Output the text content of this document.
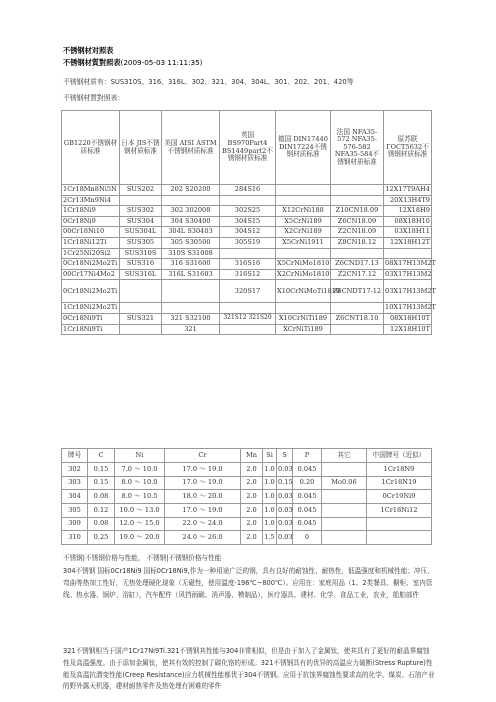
不锈钢材对照表
不锈钢材質對照表(2009-05-03 11:11:35)
不锈钢材质有：SUS310S、316、316L、302、321、304、304L、301、202、201、420等
不锈钢材質對照表：
GB1220不锈钢材质标准	日本 JIS不锈钢材质标准	美国 AISI ASTM不锈钢材质标准	英国 BS970Part4 BS1449part2不锈钢材质标准	德国 DIN17440 DIN17224不锈钢材质标准	法国 NFA35-572 NFA35-576-582 NFA35-584不锈钢材质标准	原苏联 ГОСТ5632不锈钢材质标准
1Cr18Mn8Ni5N	SUS202	202 S20200	284S16			12X17T9AH4
2Cr13Mn9Ni4						20X13H4T9
1Cr18Ni9	SUS302	302 302008	302S25	X12CrNi188	Z10CN18.09	12X18H9
0Cr18Ni9	SUS304	304 S30400	304S15	X5CrNi189	Z6CN18.09	08X18H10
00Cr18Ni10	SUS304L	304L S30403	304S12	X2CrNi189	Z2CN18.09	03X18H11
1Cr18Ni12Ti	SUS305	305 S30500	305S19	X5CrNi1911	Z8CN18.12	12X18H12T
1Cr25Ni20Si2	SUS310S	310S S31008				
0Cr18Ni2Mo2Ti	SUS316	316 S31600	316S16	X5CrNiMo1810	Z6CND17.13	08X17H13M2T
00Cr17Ni4Mo2	SUS316L	316L S31603	316S12	X2CrNiMo1810	Z2CN17.12	03X17H13M2
0Cr18Ni2Mo2Ti			320S17	X10CrNiMoTi1810	Z6CNDT17-12	03X17H13M2T
1Cr18Ni2Mo2Ti						10X17H13M2T
0Cr18Ni9Ti	SUS321	321 S32100	321S12 321S20	X10CrNiTi189	Z6CNT18.10	08X18H10T
1Cr18Ni9Ti		321		XCrNiTi189		12X18H10T
牌号	C	Ni	Cr	Mn	Si	S	P	其它	中国牌号（近似）
302	0.15	7.0 ～ 10.0	17.0 ～ 19.0	2.0	1.0	0.03	0.045		1Cr18N9
303	0.15	8.0 ～ 10.0	17.0 ～ 19.0	2.0	1.0	0.15	0.20	Mo0.06	1Cr18N19
304	0.08	8.0 ～ 10.5	18.0 ～ 20.0	2.0	1.0	0.03	0.045		0Cr19Ni9
305	0.12	10.0 ～ 13.0	17.0 ～ 19.0	2.0	1.0	0.03	0.045		1Cr18Ni12
309	0.08	12.0 ～ 15.0	22.0 ～ 24.0	2.0	1.0	0.03	0.045		
310	0.25	19.0 ～ 20.0	24.0 ～ 26.0	2.0	1.5	0.03	0		
不锈钢|不锈钢价格与性能， 不锈钢|不锈钢价格与性能
304不锈钢 国标0Cr18Ni9 国标0Cr18Ni9,作为一种用途广泛的钢，具有良好的耐蚀性、耐热性，低温强度和机械性能；冲压、弯曲等热加工性好，无热处理硬化现象（无磁性，使用温度-196℃~800℃）。应用在：家庭用品（1、2类餐具、橱柜、室内管线、热水器、锅炉、浴缸），汽车配件（风挡雨刷、消声器、模制品），医疗器具、建材、化学、食品工业，农业，船舶部件
321不锈钢相当于国产1Cr17Ni9Ti.321不锈钢其性能与304非常相似，但是由于加入了金属钛，使其具有了更好的耐晶界腐蚀性及高温强度。由于添加金属钛，使其有效的控制了碳化铬的形成。321不锈钢具有的优异的高温应力破断(Stress Rupture)性能及高温抗潜变性能(Creep Resistance)应力机械性能都优于304不锈钢。应用于抗蚀界腐蚀性要求高的化学、煤炭、石油产业的野外露天机器，建材耐热零件及热处理有困难的零件
